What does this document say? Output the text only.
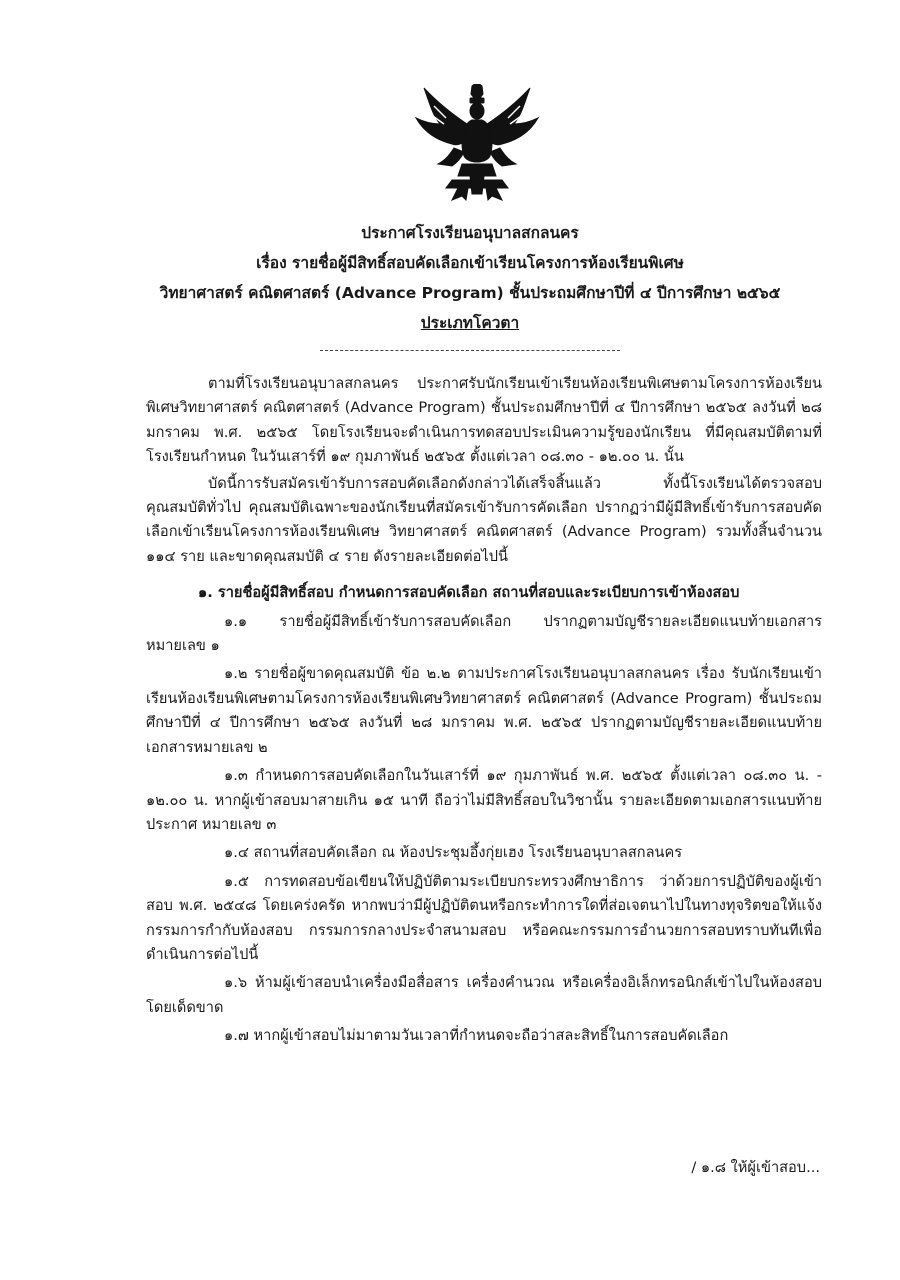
ประกาศโรงเรียนอนุบาลสกลนคร
เรื่อง รายชื่อผู้มีสิทธิ์สอบคัดเลือกเข้าเรียนโครงการห้องเรียนพิเศษ
วิทยาศาสตร์ คณิตศาสตร์ (Advance Program) ชั้นประถมศึกษาปีที่ ๔ ปีการศึกษา ๒๕๖๕
ประเภทโควตา

ตามที่โรงเรียนอนุบาลสกลนคร ประกาศรับนักเรียนเข้าเรียนห้องเรียนพิเศษตามโครงการห้องเรียนพิเศษวิทยาศาสตร์ คณิตศาสตร์ (Advance Program) ชั้นประถมศึกษาปีที่ ๔ ปีการศึกษา ๒๕๖๕ ลงวันที่ ๒๘ มกราคม พ.ศ. ๒๕๖๕ โดยโรงเรียนจะดำเนินการทดสอบประเมินความรู้ของนักเรียน ที่มีคุณสมบัติตามที่โรงเรียนกำหนด ในวันเสาร์ที่ ๑๙ กุมภาพันธ์ ๒๕๖๕ ตั้งแต่เวลา ๐๘.๓๐ - ๑๒.๐๐ น. นั้น

บัดนี้การรับสมัครเข้ารับการสอบคัดเลือกดังกล่าวได้เสร็จสิ้นแล้ว ทั้งนี้โรงเรียนได้ตรวจสอบคุณสมบัติทั่วไป คุณสมบัติเฉพาะของนักเรียนที่สมัครเข้ารับการคัดเลือก ปรากฏว่ามีผู้มีสิทธิ์เข้ารับการสอบคัดเลือกเข้าเรียนโครงการห้องเรียนพิเศษ วิทยาศาสตร์ คณิตศาสตร์ (Advance Program) รวมทั้งสิ้นจำนวน ๑๑๔ ราย และขาดคุณสมบัติ ๔ ราย ดังรายละเอียดต่อไปนี้

๑. รายชื่อผู้มีสิทธิ์สอบ กำหนดการสอบคัดเลือก สถานที่สอบและระเบียบการเข้าห้องสอบ

๑.๑ รายชื่อผู้มีสิทธิ์เข้ารับการสอบคัดเลือก ปรากฏตามบัญชีรายละเอียดแนบท้ายเอกสารหมายเลข ๑

๑.๒ รายชื่อผู้ขาดคุณสมบัติ ข้อ ๒.๒ ตามประกาศโรงเรียนอนุบาลสกลนคร เรื่อง รับนักเรียนเข้าเรียนห้องเรียนพิเศษตามโครงการห้องเรียนพิเศษวิทยาศาสตร์ คณิตศาสตร์ (Advance Program) ชั้นประถมศึกษาปีที่ ๔ ปีการศึกษา ๒๕๖๕ ลงวันที่ ๒๘ มกราคม พ.ศ. ๒๕๖๕ ปรากฏตามบัญชีรายละเอียดแนบท้ายเอกสารหมายเลข ๒

๑.๓ กำหนดการสอบคัดเลือกในวันเสาร์ที่ ๑๙ กุมภาพันธ์ พ.ศ. ๒๕๖๕ ตั้งแต่เวลา ๐๘.๓๐ น. - ๑๒.๐๐ น. หากผู้เข้าสอบมาสายเกิน ๑๕ นาที ถือว่าไม่มีสิทธิ์สอบในวิชานั้น รายละเอียดตามเอกสารแนบท้ายประกาศ หมายเลข ๓

๑.๔ สถานที่สอบคัดเลือก ณ ห้องประชุมอึ้งกุ่ยเฮง โรงเรียนอนุบาลสกลนคร

๑.๕ การทดสอบข้อเขียนให้ปฏิบัติตามระเบียบกระทรวงศึกษาธิการ ว่าด้วยการปฏิบัติของผู้เข้าสอบ พ.ศ. ๒๕๔๘ โดยเคร่งครัด หากพบว่ามีผู้ปฏิบัติตนหรือกระทำการใดที่ส่อเจตนาไปในทางทุจริตขอให้แจ้งกรรมการกำกับห้องสอบ กรรมการกลางประจำสนามสอบ หรือคณะกรรมการอำนวยการสอบทราบทันทีเพื่อดำเนินการต่อไปนี้

๑.๖ ห้ามผู้เข้าสอบนำเครื่องมือสื่อสาร เครื่องคำนวณ หรือเครื่องอิเล็กทรอนิกส์เข้าไปในห้องสอบโดยเด็ดขาด

๑.๗ หากผู้เข้าสอบไม่มาตามวันเวลาที่กำหนดจะถือว่าสละสิทธิ์ในการสอบคัดเลือก

/ ๑.๘ ให้ผู้เข้าสอบ...
